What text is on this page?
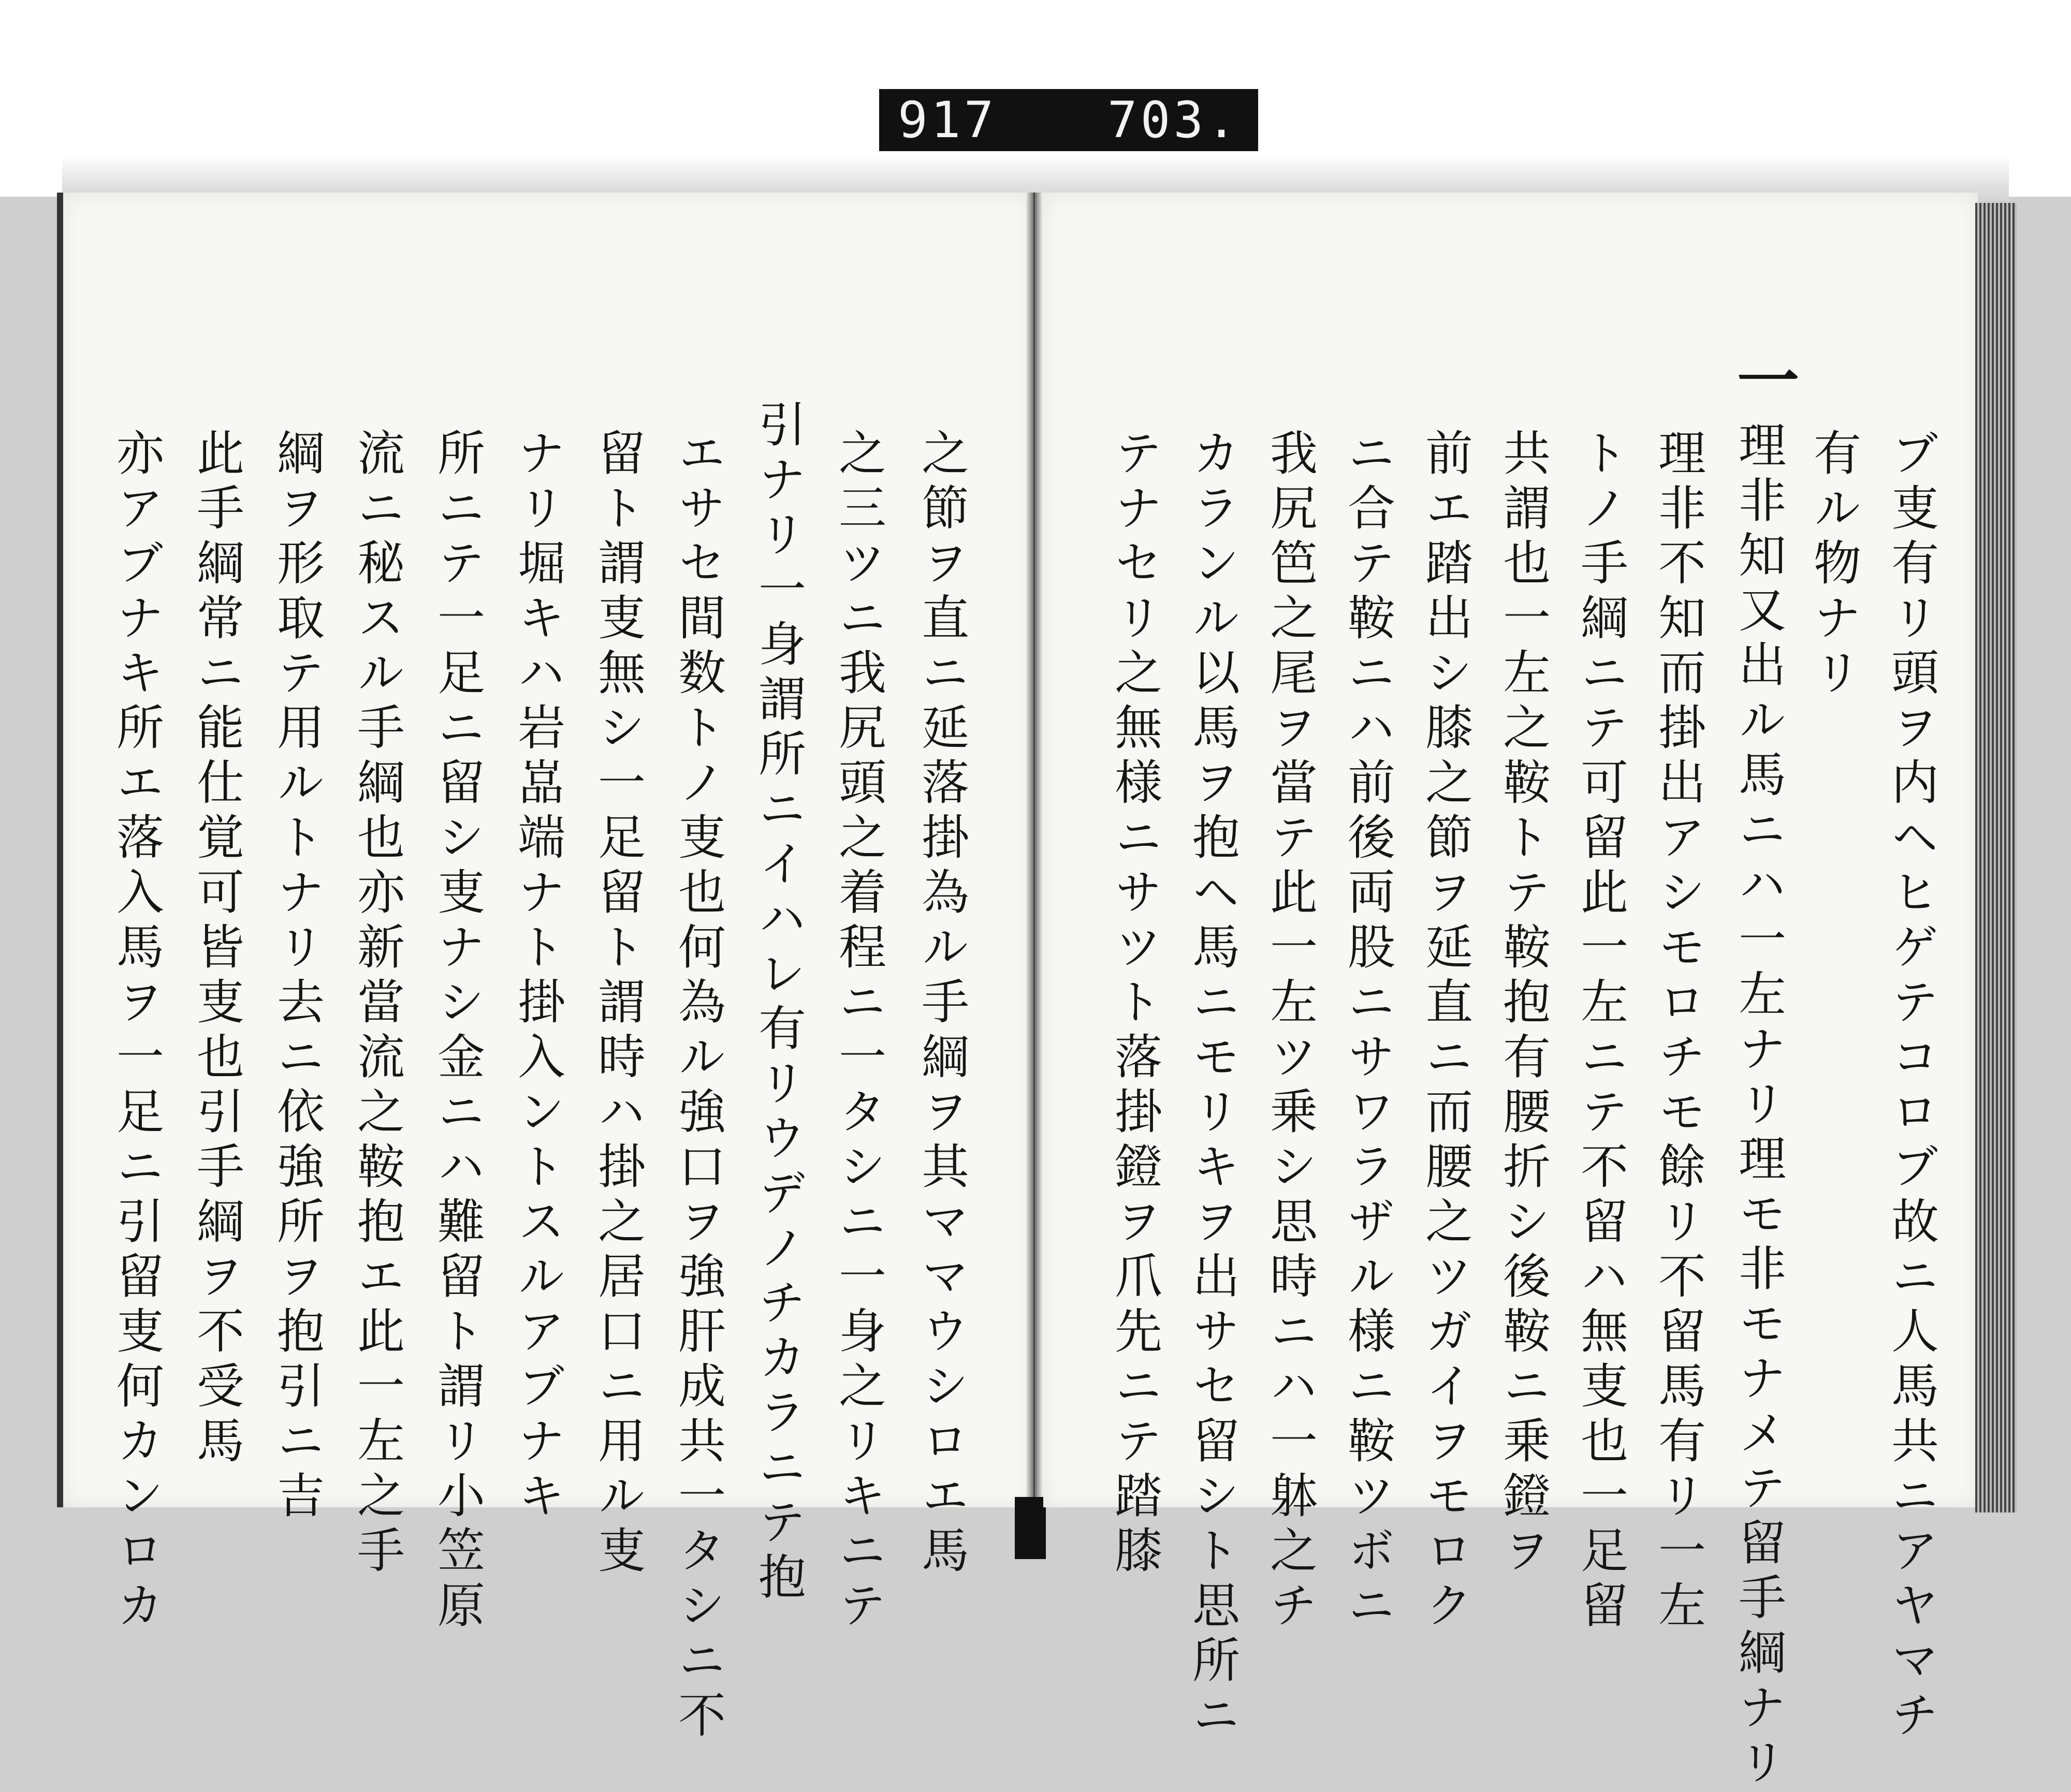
917 703.
之節ヲ直ニ延落掛為ル手綱ヲ其ママウシロエ馬
之三ツニ我尻頭之着程ニ一タシニ一身之リキニテ
引ナリ一身謂所ニイハレ有リウデノチカラニテ抱
エサセ間数トノ叓也何為ル強口ヲ強肝成共一タシニ不
留ト謂叓無シ一足留ト謂時ハ掛之居口ニ用ル叓
ナリ堀キハ岩嵓端ナト掛入ントスルアブナキ
所ニテ一足ニ留シ叓ナシ金ニハ難留ト謂リ小笠原
流ニ秘スル手綱也亦新當流之鞍抱エ此一左之手
綱ヲ形取テ用ルトナリ去ニ依強所ヲ抱引ニ吉
此手綱常ニ能仕覚可皆叓也引手綱ヲ不受馬
亦アブナキ所エ落入馬ヲ一足ニ引留叓何カンロカ	ブ叓有リ頭ヲ内ヘヒゲテコロブ故ニ人馬共ニアヤマチ
有ル物ナリ
一
理非知又出ル馬ニハ一左ナリ理モ非モナメテ留手綱ナリ
理非不知而掛出アシモロチモ餘リ不留馬有リ一左
トノ手綱ニテ可留此一左ニテ不留ハ無叓也一足留
共謂也一左之鞍トテ鞍抱有腰折シ後鞍ニ乗鐙ヲ
前エ踏出シ膝之節ヲ延直ニ而腰之ツガイヲモロク
ニ合テ鞍ニハ前後両股ニサワラザル様ニ鞍ツボニ
我尻笆之尾ヲ當テ此一左ツ乗シ思時ニハ一躰之チ
カランル以馬ヲ抱ヘ馬ニモリキヲ出サセ留シト思所ニ
テナセリ之無様ニサツト落掛鐙ヲ爪先ニテ踏膝
